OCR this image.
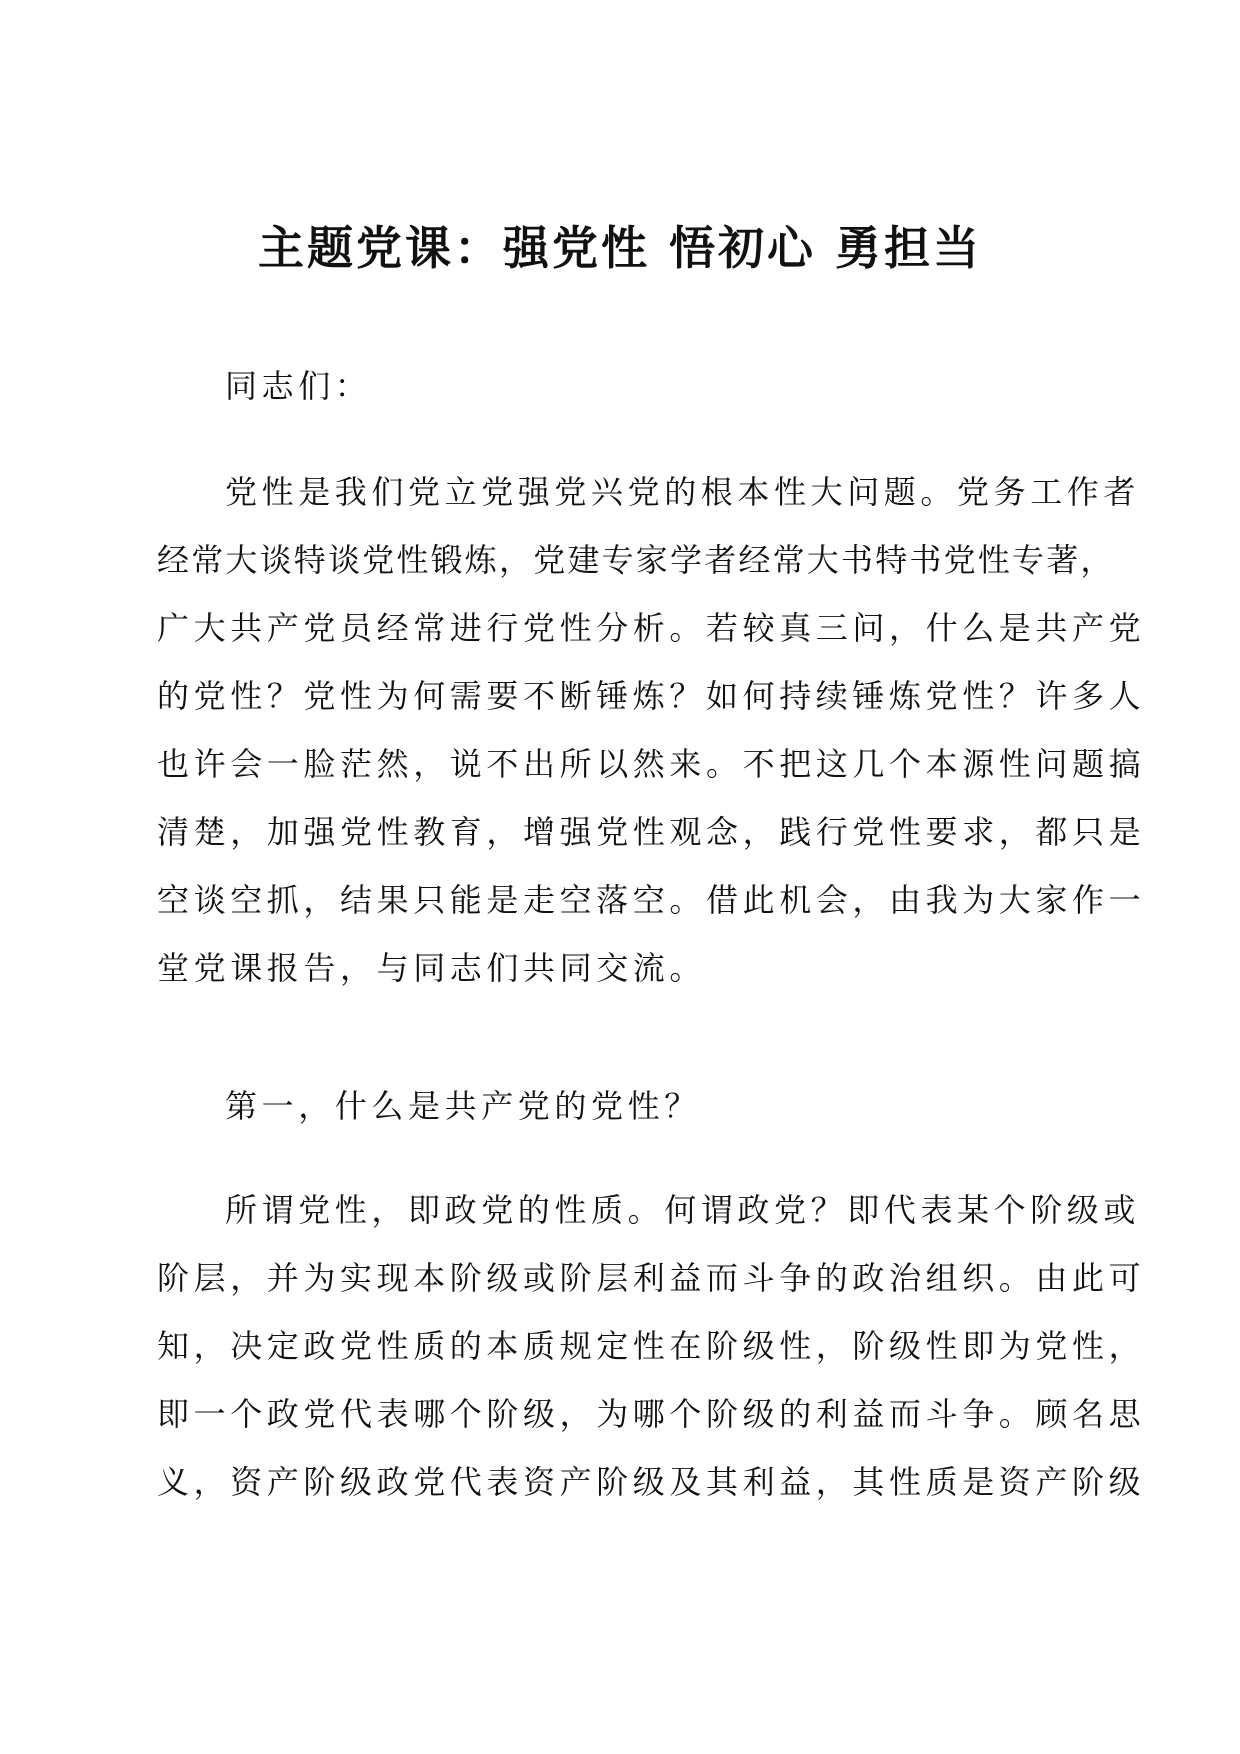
主题党课：强党性 悟初心 勇担当

同志们：

党性是我们党立党强党兴党的根本性大问题。党务工作者
经常大谈特谈党性锻炼，党建专家学者经常大书特书党性专著，
广大共产党员经常进行党性分析。若较真三问，什么是共产党
的党性？党性为何需要不断锤炼？如何持续锤炼党性？许多人
也许会一脸茫然，说不出所以然来。不把这几个本源性问题搞
清楚，加强党性教育，增强党性观念，践行党性要求，都只是
空谈空抓，结果只能是走空落空。借此机会，由我为大家作一
堂党课报告，与同志们共同交流。

第一，什么是共产党的党性？

所谓党性，即政党的性质。何谓政党？即代表某个阶级或
阶层，并为实现本阶级或阶层利益而斗争的政治组织。由此可
知，决定政党性质的本质规定性在阶级性，阶级性即为党性，
即一个政党代表哪个阶级，为哪个阶级的利益而斗争。顾名思
义，资产阶级政党代表资产阶级及其利益，其性质是资产阶级
